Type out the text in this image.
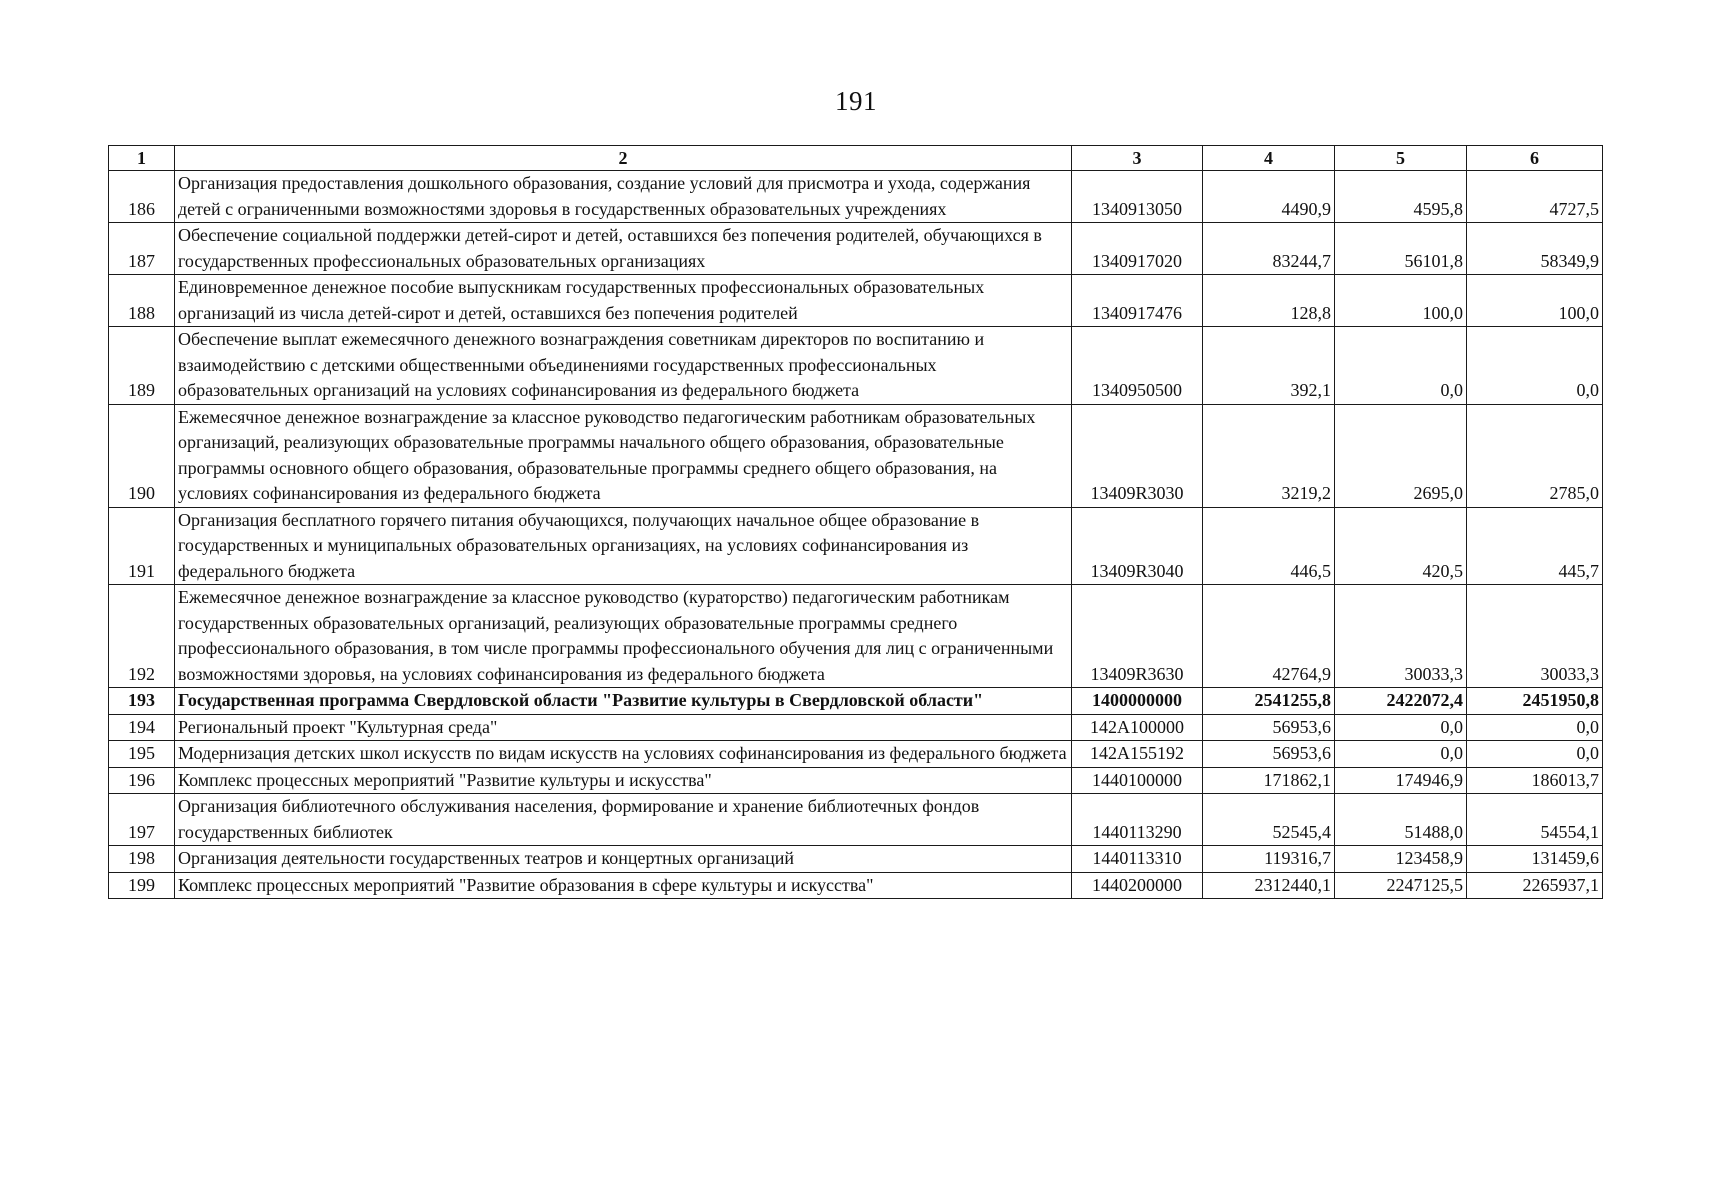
191
1	2	3	4	5	6
186	Организация предоставления дошкольного образования, создание условий для присмотра и ухода, содержания детей с ограниченными возможностями здоровья в государственных образовательных учреждениях	1340913050	4490,9	4595,8	4727,5
187	Обеспечение социальной поддержки детей-сирот и детей, оставшихся без попечения родителей, обучающихся в государственных профессиональных образовательных организациях	1340917020	83244,7	56101,8	58349,9
188	Единовременное денежное пособие выпускникам государственных профессиональных образовательных организаций из числа детей-сирот и детей, оставшихся без попечения родителей	1340917476	128,8	100,0	100,0
189	Обеспечение выплат ежемесячного денежного вознаграждения советникам директоров по воспитанию и взаимодействию с детскими общественными объединениями государственных профессиональных образовательных организаций на условиях софинансирования из федерального бюджета	1340950500	392,1	0,0	0,0
190	Ежемесячное денежное вознаграждение за классное руководство педагогическим работникам образовательных организаций, реализующих образовательные программы начального общего образования, образовательные программы основного общего образования, образовательные программы среднего общего образования, на условиях софинансирования из федерального бюджета	13409R3030	3219,2	2695,0	2785,0
191	Организация бесплатного горячего питания обучающихся, получающих начальное общее образование в государственных и муниципальных образовательных организациях, на условиях софинансирования из федерального бюджета	13409R3040	446,5	420,5	445,7
192	Ежемесячное денежное вознаграждение за классное руководство (кураторство) педагогическим работникам государственных образовательных организаций, реализующих образовательные программы среднего профессионального образования, в том числе программы профессионального обучения для лиц с ограниченными возможностями здоровья, на условиях софинансирования из федерального бюджета	13409R3630	42764,9	30033,3	30033,3
193	Государственная программа Свердловской области "Развитие культуры в Свердловской области"	1400000000	2541255,8	2422072,4	2451950,8
194	Региональный проект "Культурная среда"	142А100000	56953,6	0,0	0,0
195	Модернизация детских школ искусств по видам искусств на условиях софинансирования из федерального бюджета	142А155192	56953,6	0,0	0,0
196	Комплекс процессных мероприятий "Развитие культуры и искусства"	1440100000	171862,1	174946,9	186013,7
197	Организация библиотечного обслуживания населения, формирование и хранение библиотечных фондов государственных библиотек	1440113290	52545,4	51488,0	54554,1
198	Организация деятельности государственных театров и концертных организаций	1440113310	119316,7	123458,9	131459,6
199	Комплекс процессных мероприятий "Развитие образования в сфере культуры и искусства"	1440200000	2312440,1	2247125,5	2265937,1
